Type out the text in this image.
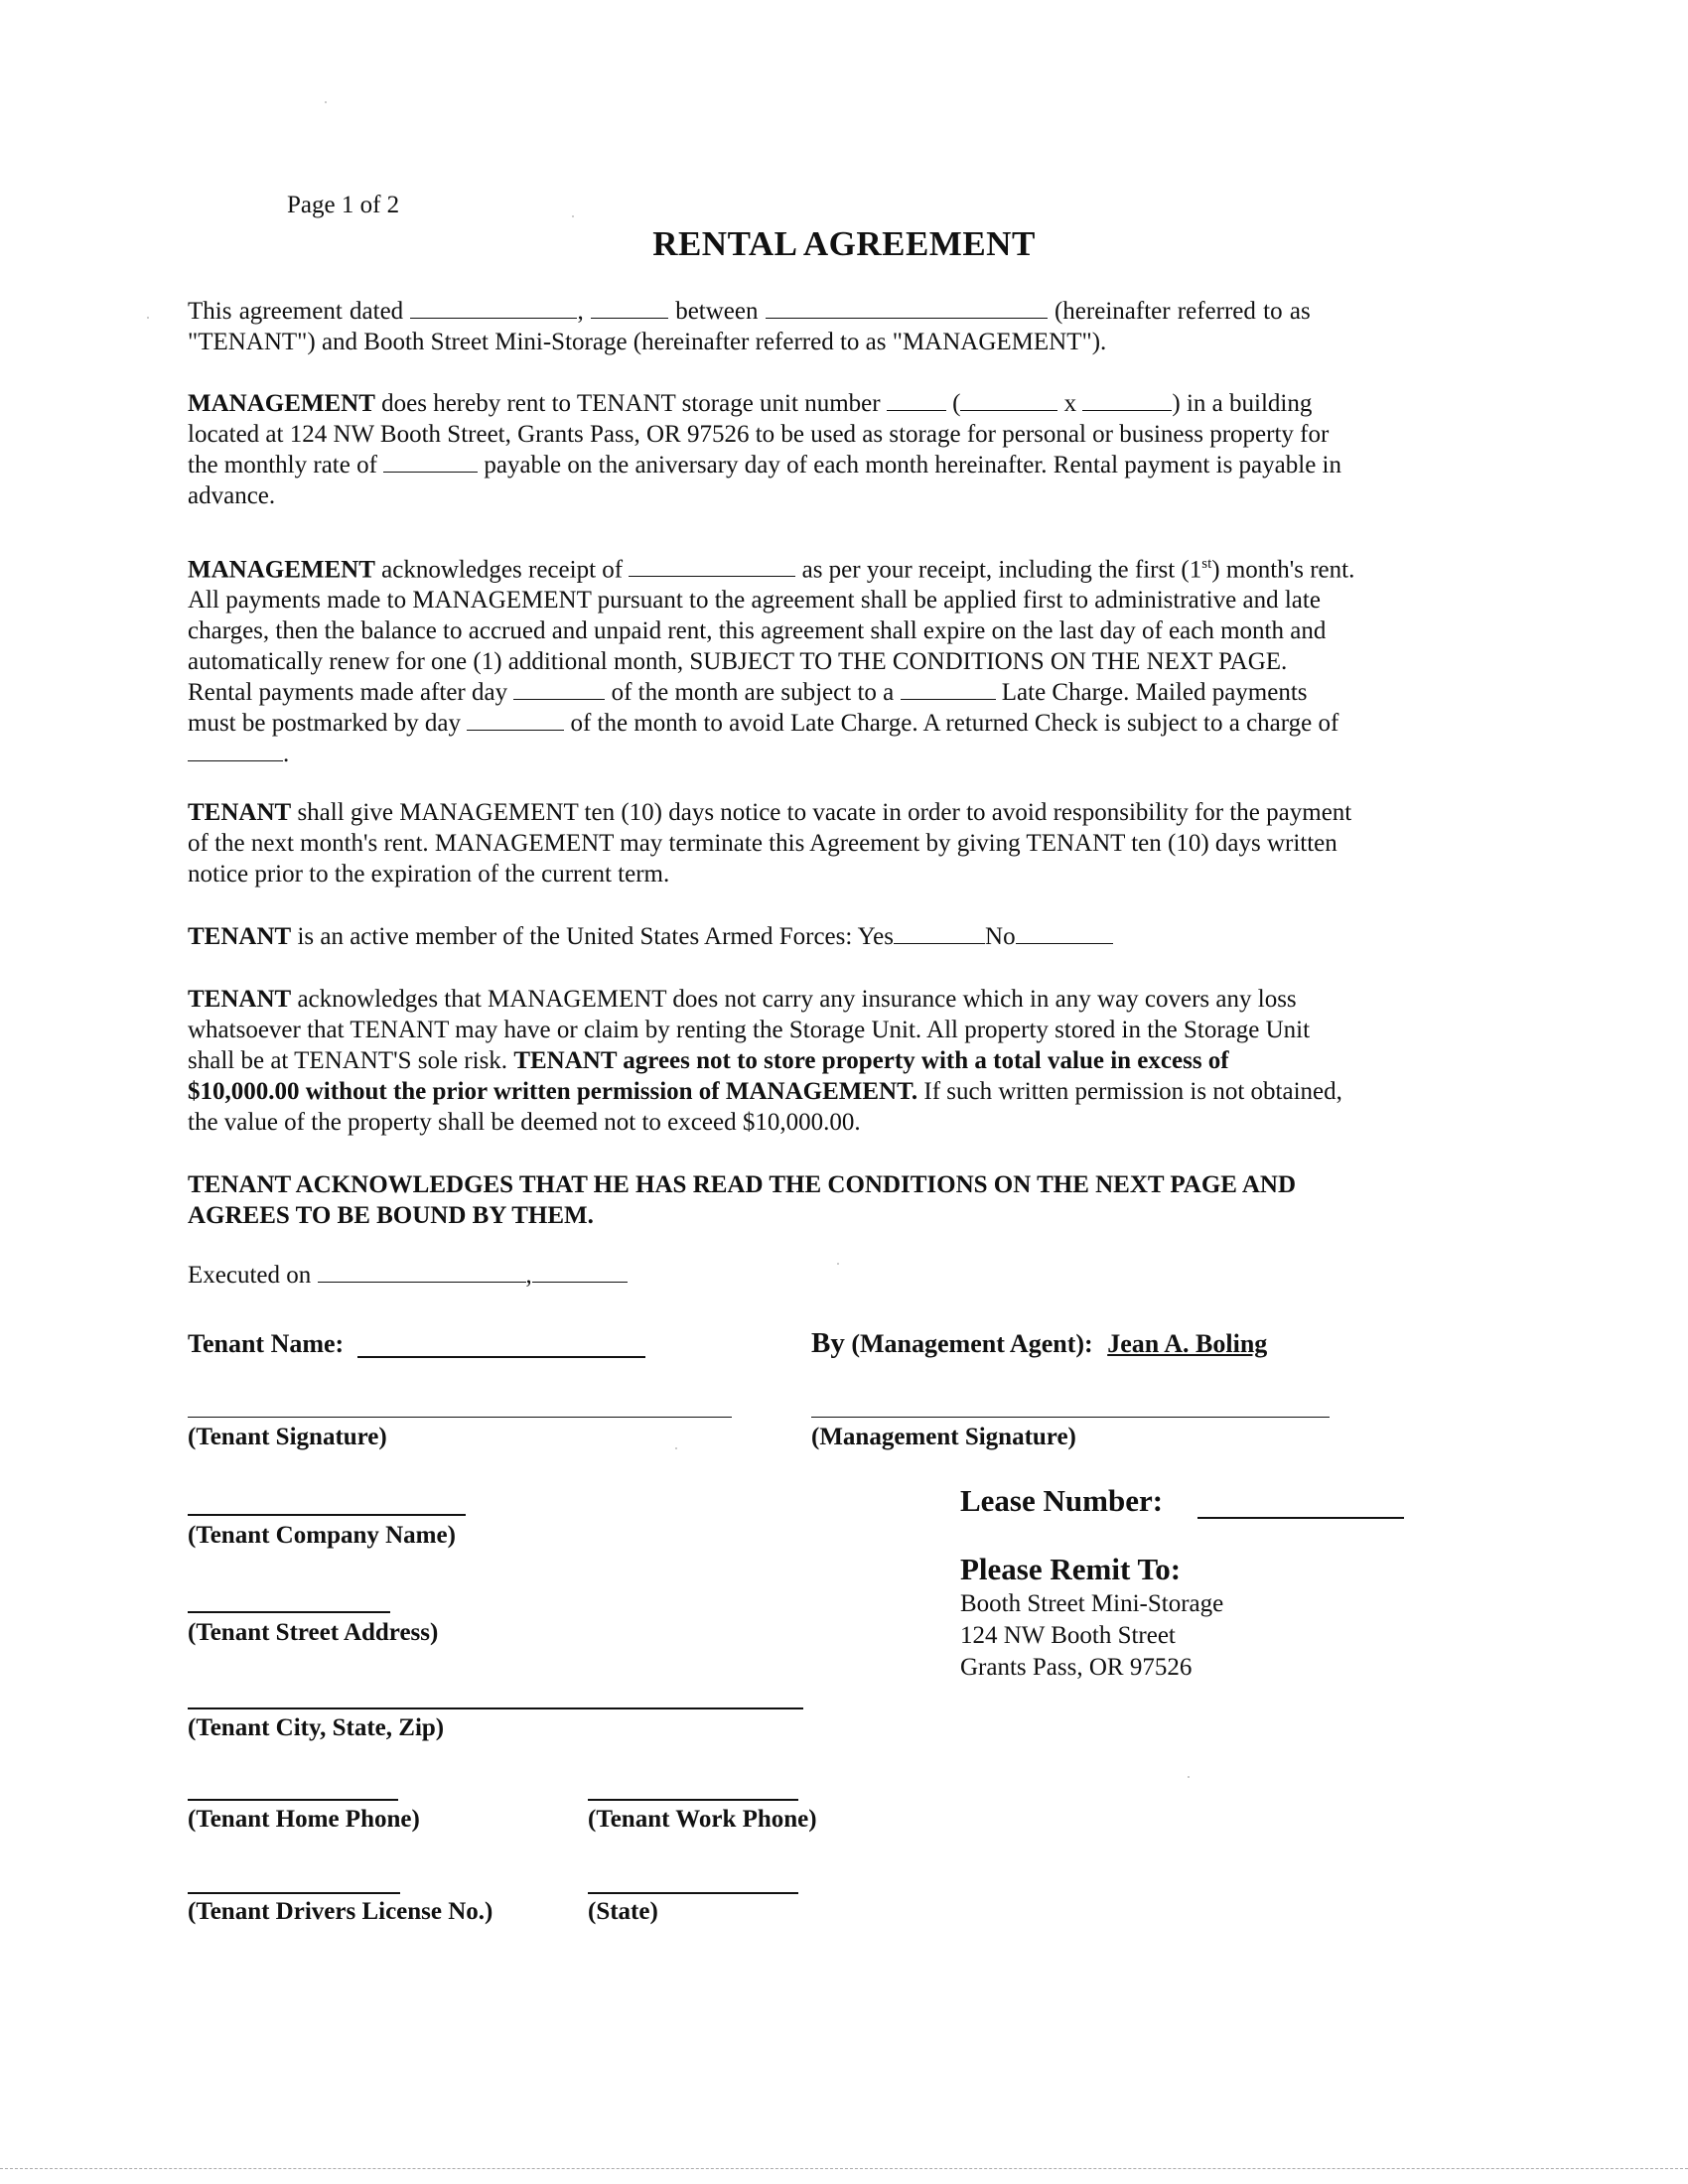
Page 1 of 2
RENTAL AGREEMENT
This agreement dated	,	between	(hereinafter referred to as
"TENANT") and Booth Street Mini-Storage (hereinafter referred to as "MANAGEMENT").
MANAGEMENT does hereby rent to TENANT storage unit number	(	x	) in a building
located at 124 NW Booth Street, Grants Pass, OR 97526 to be used as storage for personal or business property for
the monthly rate of	payable on the aniversary day of each month hereinafter. Rental payment is payable in
advance.
MANAGEMENT acknowledges receipt of	as per your receipt, including the first (1st) month's rent.
All payments made to MANAGEMENT pursuant to the agreement shall be applied first to administrative and late
charges, then the balance to accrued and unpaid rent, this agreement shall expire on the last day of each month and
automatically renew for one (1) additional month, SUBJECT TO THE CONDITIONS ON THE NEXT PAGE.
Rental payments made after day	of the month are subject to a	Late Charge. Mailed payments
must be postmarked by day	of the month to avoid Late Charge. A returned Check is subject to a charge of
.
TENANT shall give MANAGEMENT ten (10) days notice to vacate in order to avoid responsibility for the payment
of the next month's rent. MANAGEMENT may terminate this Agreement by giving TENANT ten (10) days written
notice prior to the expiration of the current term.
TENANT is an active member of the United States Armed Forces: Yes	No
TENANT acknowledges that MANAGEMENT does not carry any insurance which in any way covers any loss
whatsoever that TENANT may have or claim by renting the Storage Unit. All property stored in the Storage Unit
shall be at TENANT'S sole risk. TENANT agrees not to store property with a total value in excess of
$10,000.00 without the prior written permission of MANAGEMENT. If such written permission is not obtained,
the value of the property shall be deemed not to exceed $10,000.00.
TENANT ACKNOWLEDGES THAT HE HAS READ THE CONDITIONS ON THE NEXT PAGE AND
AGREES TO BE BOUND BY THEM.
Executed on	,
Tenant Name:	By (Management Agent): Jean A. Boling
(Tenant Signature)	(Management Signature)
(Tenant Company Name)
Lease Number:
Please Remit To:
Booth Street Mini-Storage
124 NW Booth Street
Grants Pass, OR 97526
(Tenant Street Address)
(Tenant City, State, Zip)
(Tenant Home Phone)	(Tenant Work Phone)
(Tenant Drivers License No.)	(State)
